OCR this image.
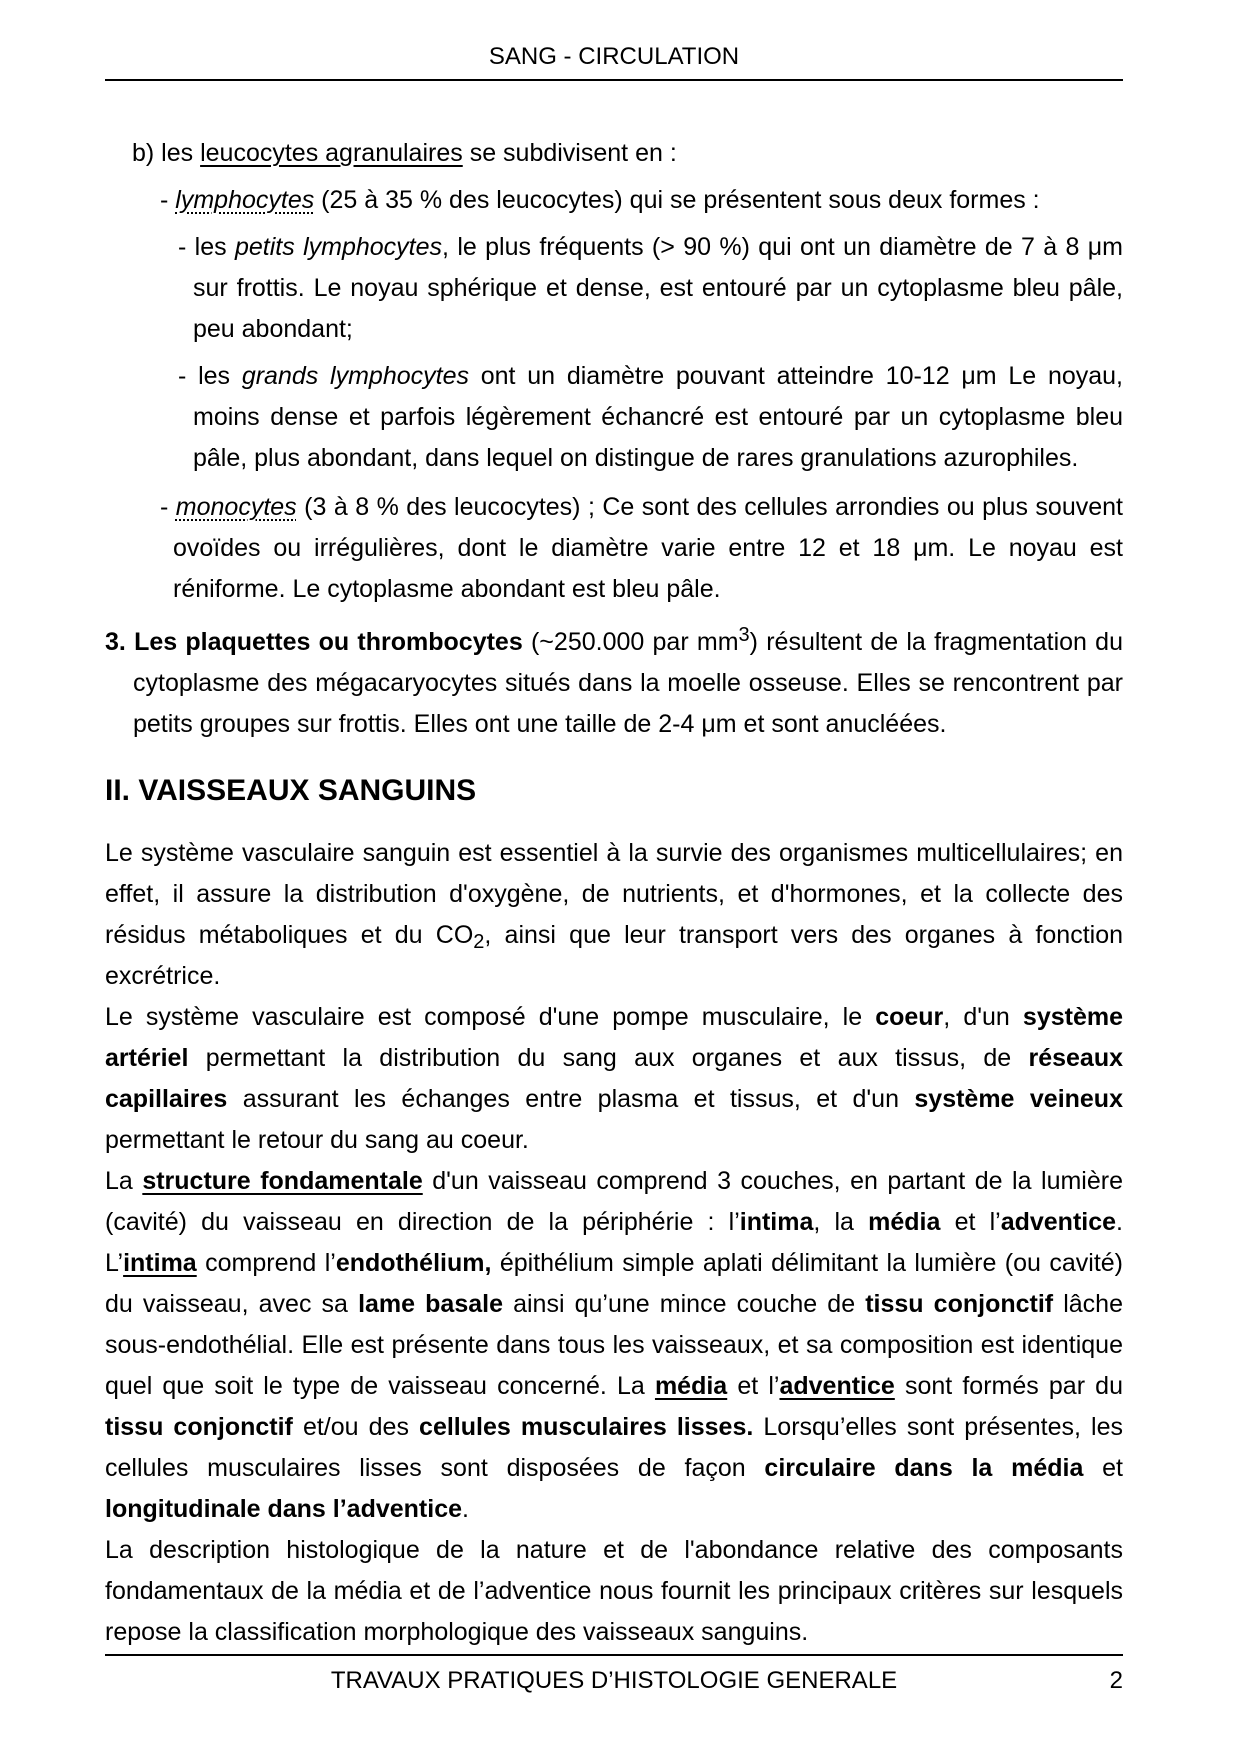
SANG - CIRCULATION
b) les leucocytes agranulaires se subdivisent en :
- lymphocytes (25 à 35 % des leucocytes) qui se présentent sous deux formes :
- les petits lymphocytes, le plus fréquents (> 90 %) qui ont un diamètre de 7 à 8 μm sur frottis. Le noyau sphérique et dense, est entouré par un cytoplasme bleu pâle, peu abondant;
- les grands lymphocytes ont un diamètre pouvant atteindre 10-12 μm Le noyau, moins dense et parfois légèrement échancré est entouré par un cytoplasme bleu pâle, plus abondant, dans lequel on distingue de rares granulations azurophiles.
- monocytes (3 à 8 % des leucocytes) ; Ce sont des cellules arrondies ou plus souvent ovoïdes ou irrégulières, dont le diamètre varie entre 12 et 18 μm. Le noyau est réniforme. Le cytoplasme abondant est bleu pâle.
3. Les plaquettes ou thrombocytes (~250.000 par $mm^3$) résultent de la fragmentation du cytoplasme des mégacaryocytes situés dans la moelle osseuse. Elles se rencontrent par petits groupes sur frottis. Elles ont une taille de 2-4 μm et sont anucléées.
II. VAISSEAUX SANGUINS
Le système vasculaire sanguin est essentiel à la survie des organismes multicellulaires; en effet, il assure la distribution d'oxygène, de nutrients, et d'hormones, et la collecte des résidus métaboliques et du $CO_2$, ainsi que leur transport vers des organes à fonction excrétrice.
Le système vasculaire est composé d'une pompe musculaire, le coeur, d'un système artériel permettant la distribution du sang aux organes et aux tissus, de réseaux capillaires assurant les échanges entre plasma et tissus, et d'un système veineux permettant le retour du sang au coeur.
La structure fondamentale d'un vaisseau comprend 3 couches, en partant de la lumière (cavité) du vaisseau en direction de la périphérie : l’intima, la média et l’adventice. L’intima comprend l’endothélium, épithélium simple aplati délimitant la lumière (ou cavité) du vaisseau, avec sa lame basale ainsi qu’une mince couche de tissu conjonctif lâche sous-endothélial. Elle est présente dans tous les vaisseaux, et sa composition est identique quel que soit le type de vaisseau concerné. La média et l’adventice sont formés par du tissu conjonctif et/ou des cellules musculaires lisses. Lorsqu’elles sont présentes, les cellules musculaires lisses sont disposées de façon circulaire dans la média et longitudinale dans l’adventice.
La description histologique de la nature et de l'abondance relative des composants fondamentaux de la média et de l’adventice nous fournit les principaux critères sur lesquels repose la classification morphologique des vaisseaux sanguins.
TRAVAUX PRATIQUES D’HISTOLOGIE GENERALE	2
